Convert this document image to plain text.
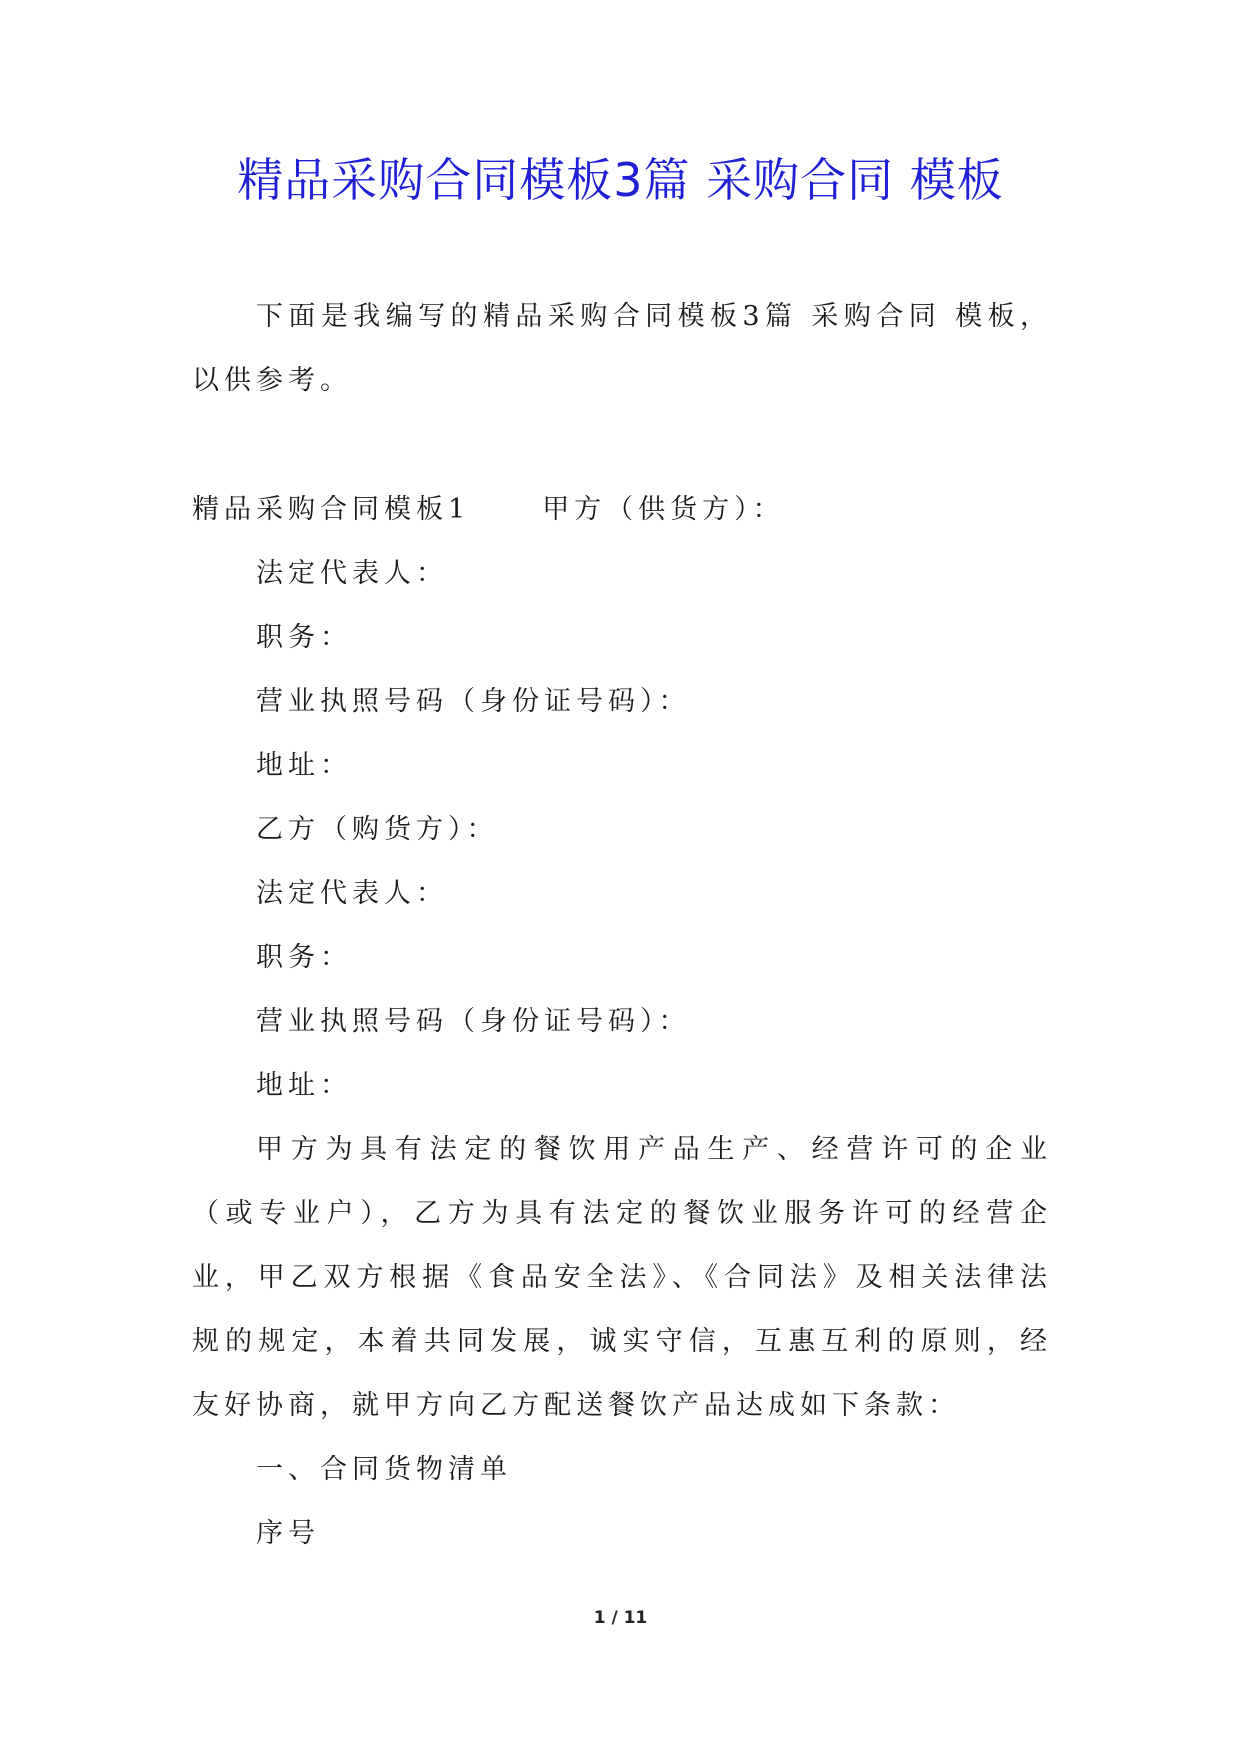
精品采购合同模板3篇 采购合同 模板

下面是我编写的精品采购合同模板3篇 采购合同 模板，以供参考。

精品采购合同模板1	甲方（供货方）：

法定代表人：

职务：

营业执照号码（身份证号码）：

地址：

乙方（购货方）：

法定代表人：

职务：

营业执照号码（身份证号码）：

地址：

甲方为具有法定的餐饮用产品生产、经营许可的企业（或专业户），乙方为具有法定的餐饮业服务许可的经营企业，甲乙双方根据《食品安全法》、《合同法》及相关法律法规的规定，本着共同发展，诚实守信，互惠互利的原则，经友好协商，就甲方向乙方配送餐饮产品达成如下条款：

一、合同货物清单

序号

1 / 11
